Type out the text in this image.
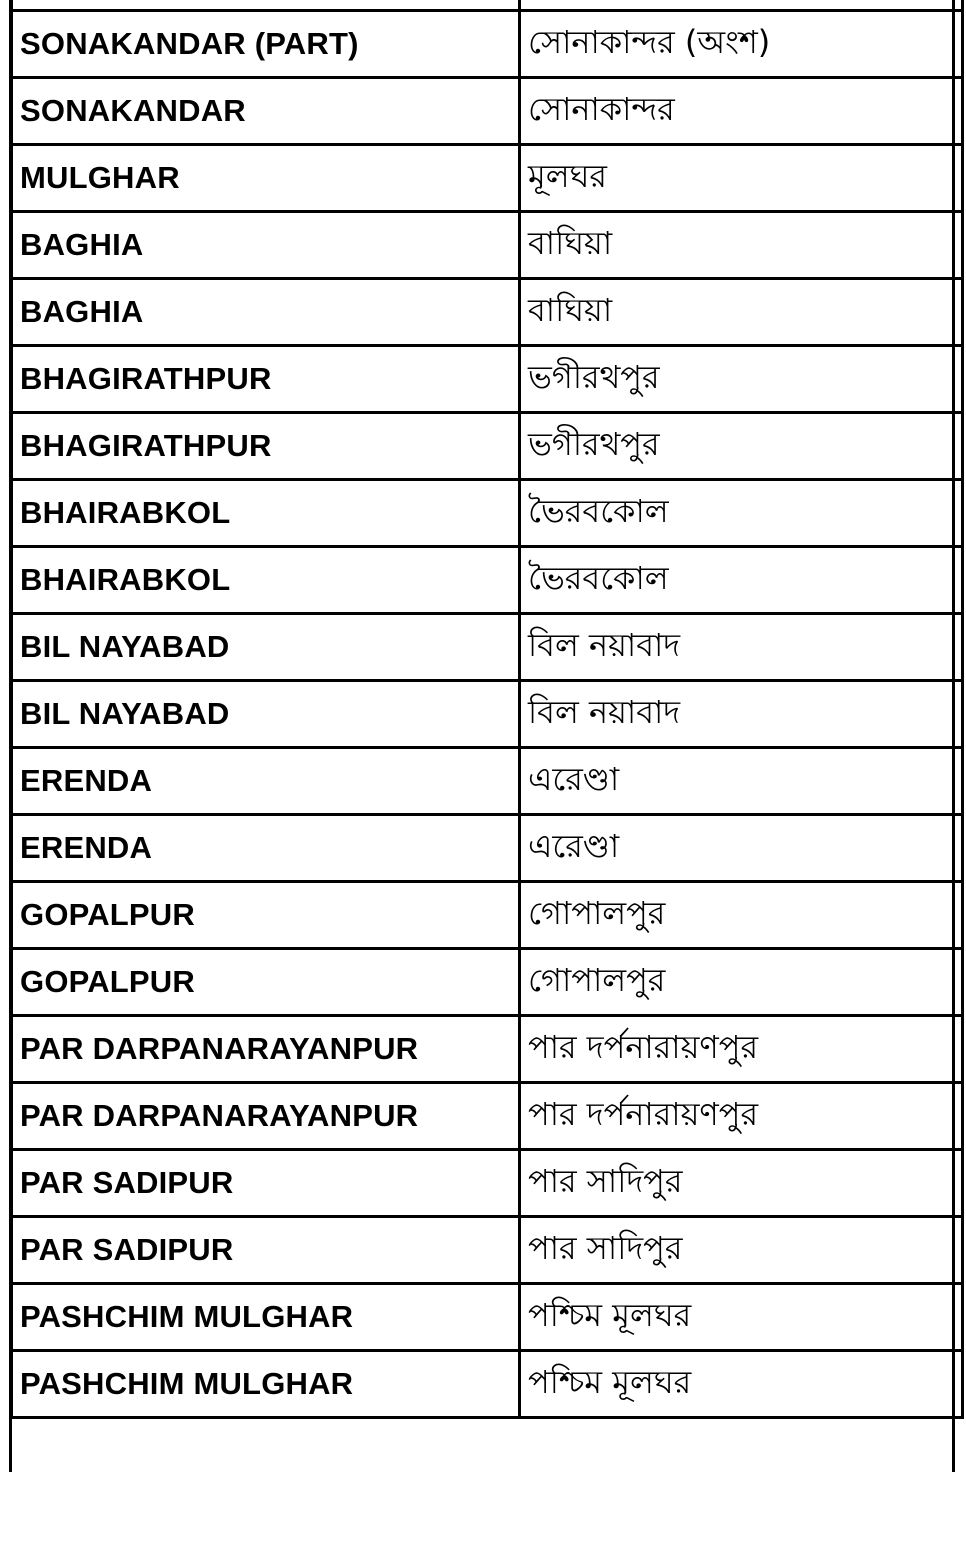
SONAKANDAR (PART)	সোনাকান্দর (অংশ)
SONAKANDAR	সোনাকান্দর
MULGHAR	মূলঘর
BAGHIA	বাঘিয়া
BAGHIA	বাঘিয়া
BHAGIRATHPUR	ভগীরথপুর
BHAGIRATHPUR	ভগীরথপুর
BHAIRABKOL	ভৈরবকোল
BHAIRABKOL	ভৈরবকোল
BIL NAYABAD	বিল নয়াবাদ
BIL NAYABAD	বিল নয়াবাদ
ERENDA	এরেণ্ডা
ERENDA	এরেণ্ডা
GOPALPUR	গোপালপুর
GOPALPUR	গোপালপুর
PAR DARPANARAYANPUR	পার দর্পনারায়ণপুর
PAR DARPANARAYANPUR	পার দর্পনারায়ণপুর
PAR SADIPUR	পার সাদিপুর
PAR SADIPUR	পার সাদিপুর
PASHCHIM MULGHAR	পশ্চিম মূলঘর
PASHCHIM MULGHAR	পশ্চিম মূলঘর
